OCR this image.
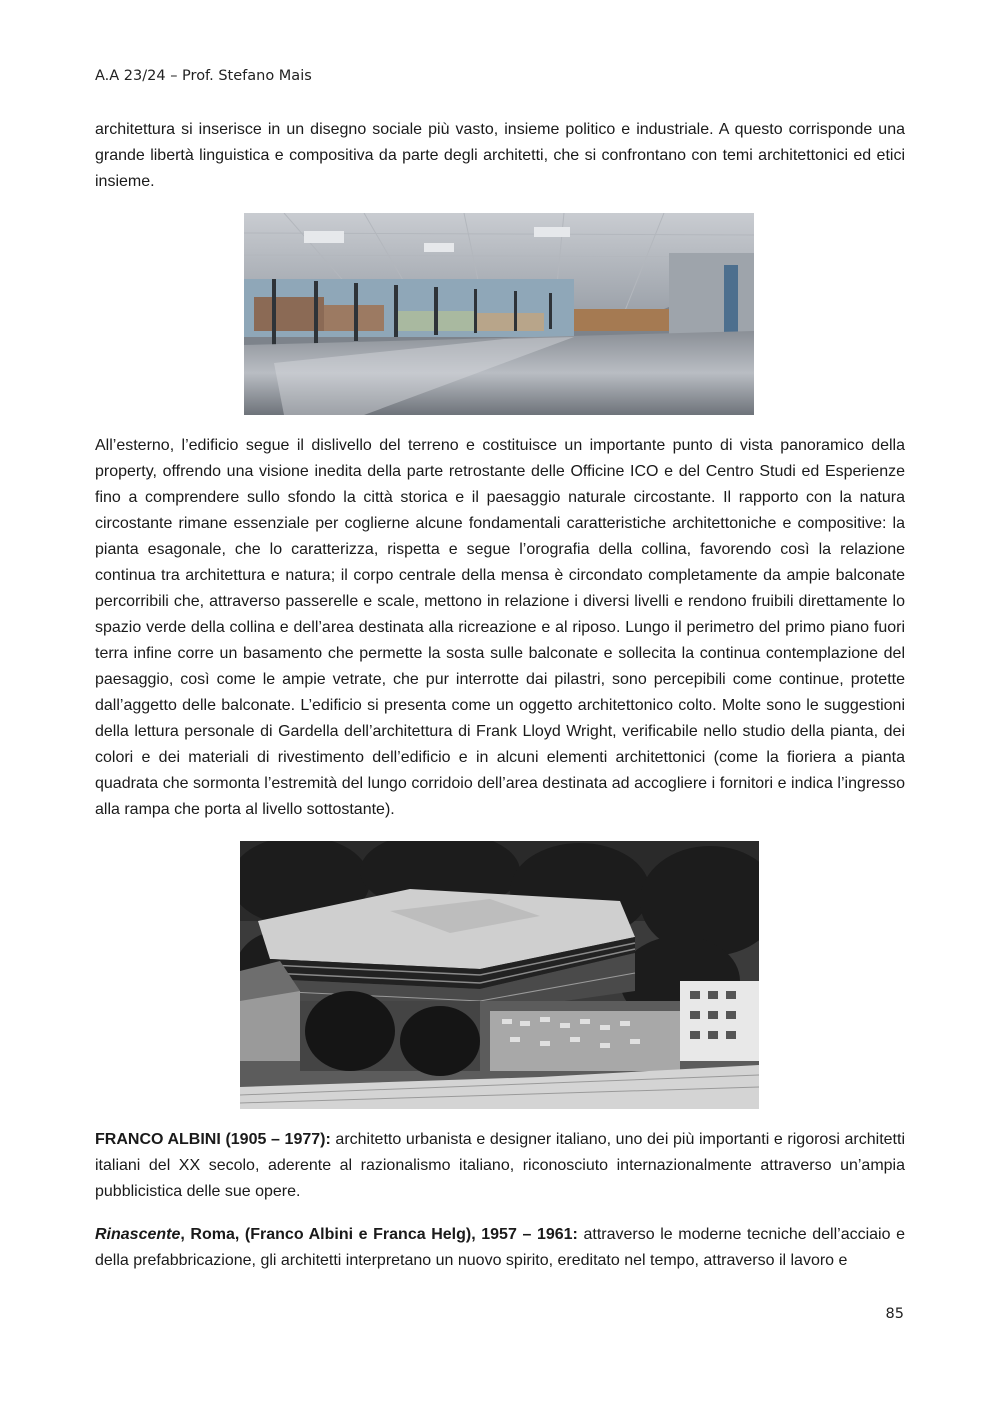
A.A 23/24 – Prof. Stefano Mais

architettura si inserisce in un disegno sociale più vasto, insieme politico e industriale. A questo corrisponde una grande libertà linguistica e compositiva da parte degli architetti, che si confrontano con temi architettonici ed etici insieme.

All’esterno, l’edificio segue il dislivello del terreno e costituisce un importante punto di vista panoramico della property, offrendo una visione inedita della parte retrostante delle Officine ICO e del Centro Studi ed Esperienze fino a comprendere sullo sfondo la città storica e il paesaggio naturale circostante. Il rapporto con la natura circostante rimane essenziale per coglierne alcune fondamentali caratteristiche architettoniche e compositive: la pianta esagonale, che lo caratterizza, rispetta e segue l’orografia della collina, favorendo così la relazione continua tra architettura e natura; il corpo centrale della mensa è circondato completamente da ampie balconate percorribili che, attraverso passerelle e scale, mettono in relazione i diversi livelli e rendono fruibili direttamente lo spazio verde della collina e dell’area destinata alla ricreazione e al riposo. Lungo il perimetro del primo piano fuori terra infine corre un basamento che permette la sosta sulle balconate e sollecita la continua contemplazione del paesaggio, così come le ampie vetrate, che pur interrotte dai pilastri, sono percepibili come continue, protette dall’aggetto delle balconate. L’edificio si presenta come un oggetto architettonico colto. Molte sono le suggestioni della lettura personale di Gardella dell’architettura di Frank Lloyd Wright, verificabile nello studio della pianta, dei colori e dei materiali di rivestimento dell’edificio e in alcuni elementi architettonici (come la fioriera a pianta quadrata che sormonta l’estremità del lungo corridoio dell’area destinata ad accogliere i fornitori e indica l’ingresso alla rampa che porta al livello sottostante).

FRANCO ALBINI (1905 – 1977): architetto urbanista e designer italiano, uno dei più importanti e rigorosi architetti italiani del XX secolo, aderente al razionalismo italiano, riconosciuto internazionalmente attraverso un’ampia pubblicistica delle sue opere.

Rinascente, Roma, (Franco Albini e Franca Helg), 1957 – 1961: attraverso le moderne tecniche dell’acciaio e della prefabbricazione, gli architetti interpretano un nuovo spirito, ereditato nel tempo, attraverso il lavoro e

85
